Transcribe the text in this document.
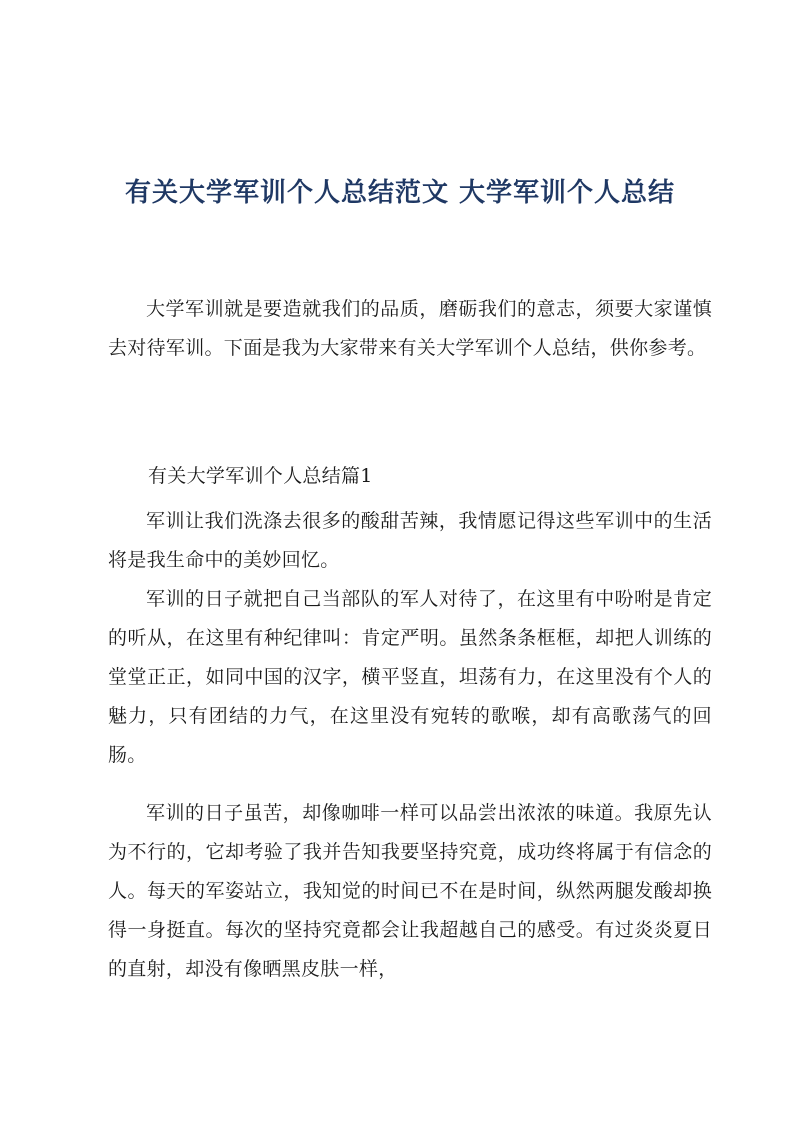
有关大学军训个人总结范文 大学军训个人总结

大学军训就是要造就我们的品质，磨砺我们的意志，须要大家谨慎去对待军训。下面是我为大家带来有关大学军训个人总结，供你参考。

有关大学军训个人总结篇1

军训让我们洗涤去很多的酸甜苦辣，我情愿记得这些军训中的生活将是我生命中的美妙回忆。

军训的日子就把自己当部队的军人对待了，在这里有中吩咐是肯定的听从，在这里有种纪律叫：肯定严明。虽然条条框框，却把人训练的堂堂正正，如同中国的汉字，横平竖直，坦荡有力，在这里没有个人的魅力，只有团结的力气，在这里没有宛转的歌喉，却有高歌荡气的回肠。

军训的日子虽苦，却像咖啡一样可以品尝出浓浓的味道。我原先认为不行的，它却考验了我并告知我要坚持究竟，成功终将属于有信念的人。每天的军姿站立，我知觉的时间已不在是时间，纵然两腿发酸却换得一身挺直。每次的坚持究竟都会让我超越自己的感受。有过炎炎夏日的直射，却没有像晒黑皮肤一样，
